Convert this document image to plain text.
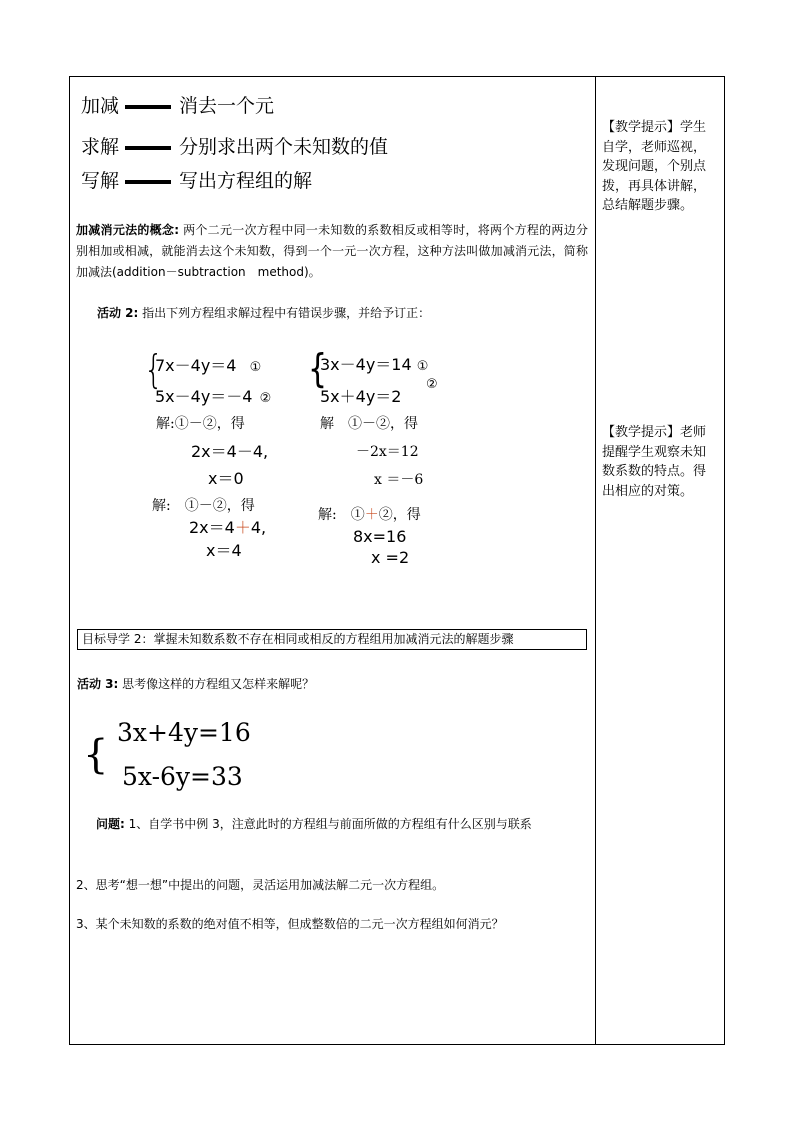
加减	消去一个元
求解	分别求出两个未知数的值
写解	写出方程组的解
加减消元法的概念: 两个二元一次方程中同一未知数的系数相反或相等时，将两个方程的两边分别相加或相减，就能消去这个未知数，得到一个一元一次方程，这种方法叫做加减消元法，简称加减法(addition－subtraction　method)。
活动 2: 指出下列方程组求解过程中有错误步骤，并给予订正：
{
7x－4y＝4 ①
5x－4y＝－4 ②
解:①－②，得
2x＝4－4,
x＝0
解:　①－②，得
2x＝4＋4,
x＝4
{
3x－4y＝14 ①
5x＋4y＝2
②
解　①－②，得
－2x＝12
x ＝－6
解:　①＋②，得
8x=16
x =2
目标导学 2：掌握未知数系数不存在相同或相反的方程组用加减消元法的解题步骤
活动 3: 思考像这样的方程组又怎样来解呢？
{ 3x+4y=16
5x-6y=33
问题: 1、自学书中例 3，注意此时的方程组与前面所做的方程组有什么区别与联系
2、思考“想一想”中提出的问题，灵活运用加减法解二元一次方程组。
3、某个未知数的系数的绝对值不相等，但成整数倍的二元一次方程组如何消元？
【教学提示】学生自学，老师巡视，发现问题，个别点拨，再具体讲解，总结解题步骤。
【教学提示】老师提醒学生观察未知数系数的特点。得出相应的对策。
